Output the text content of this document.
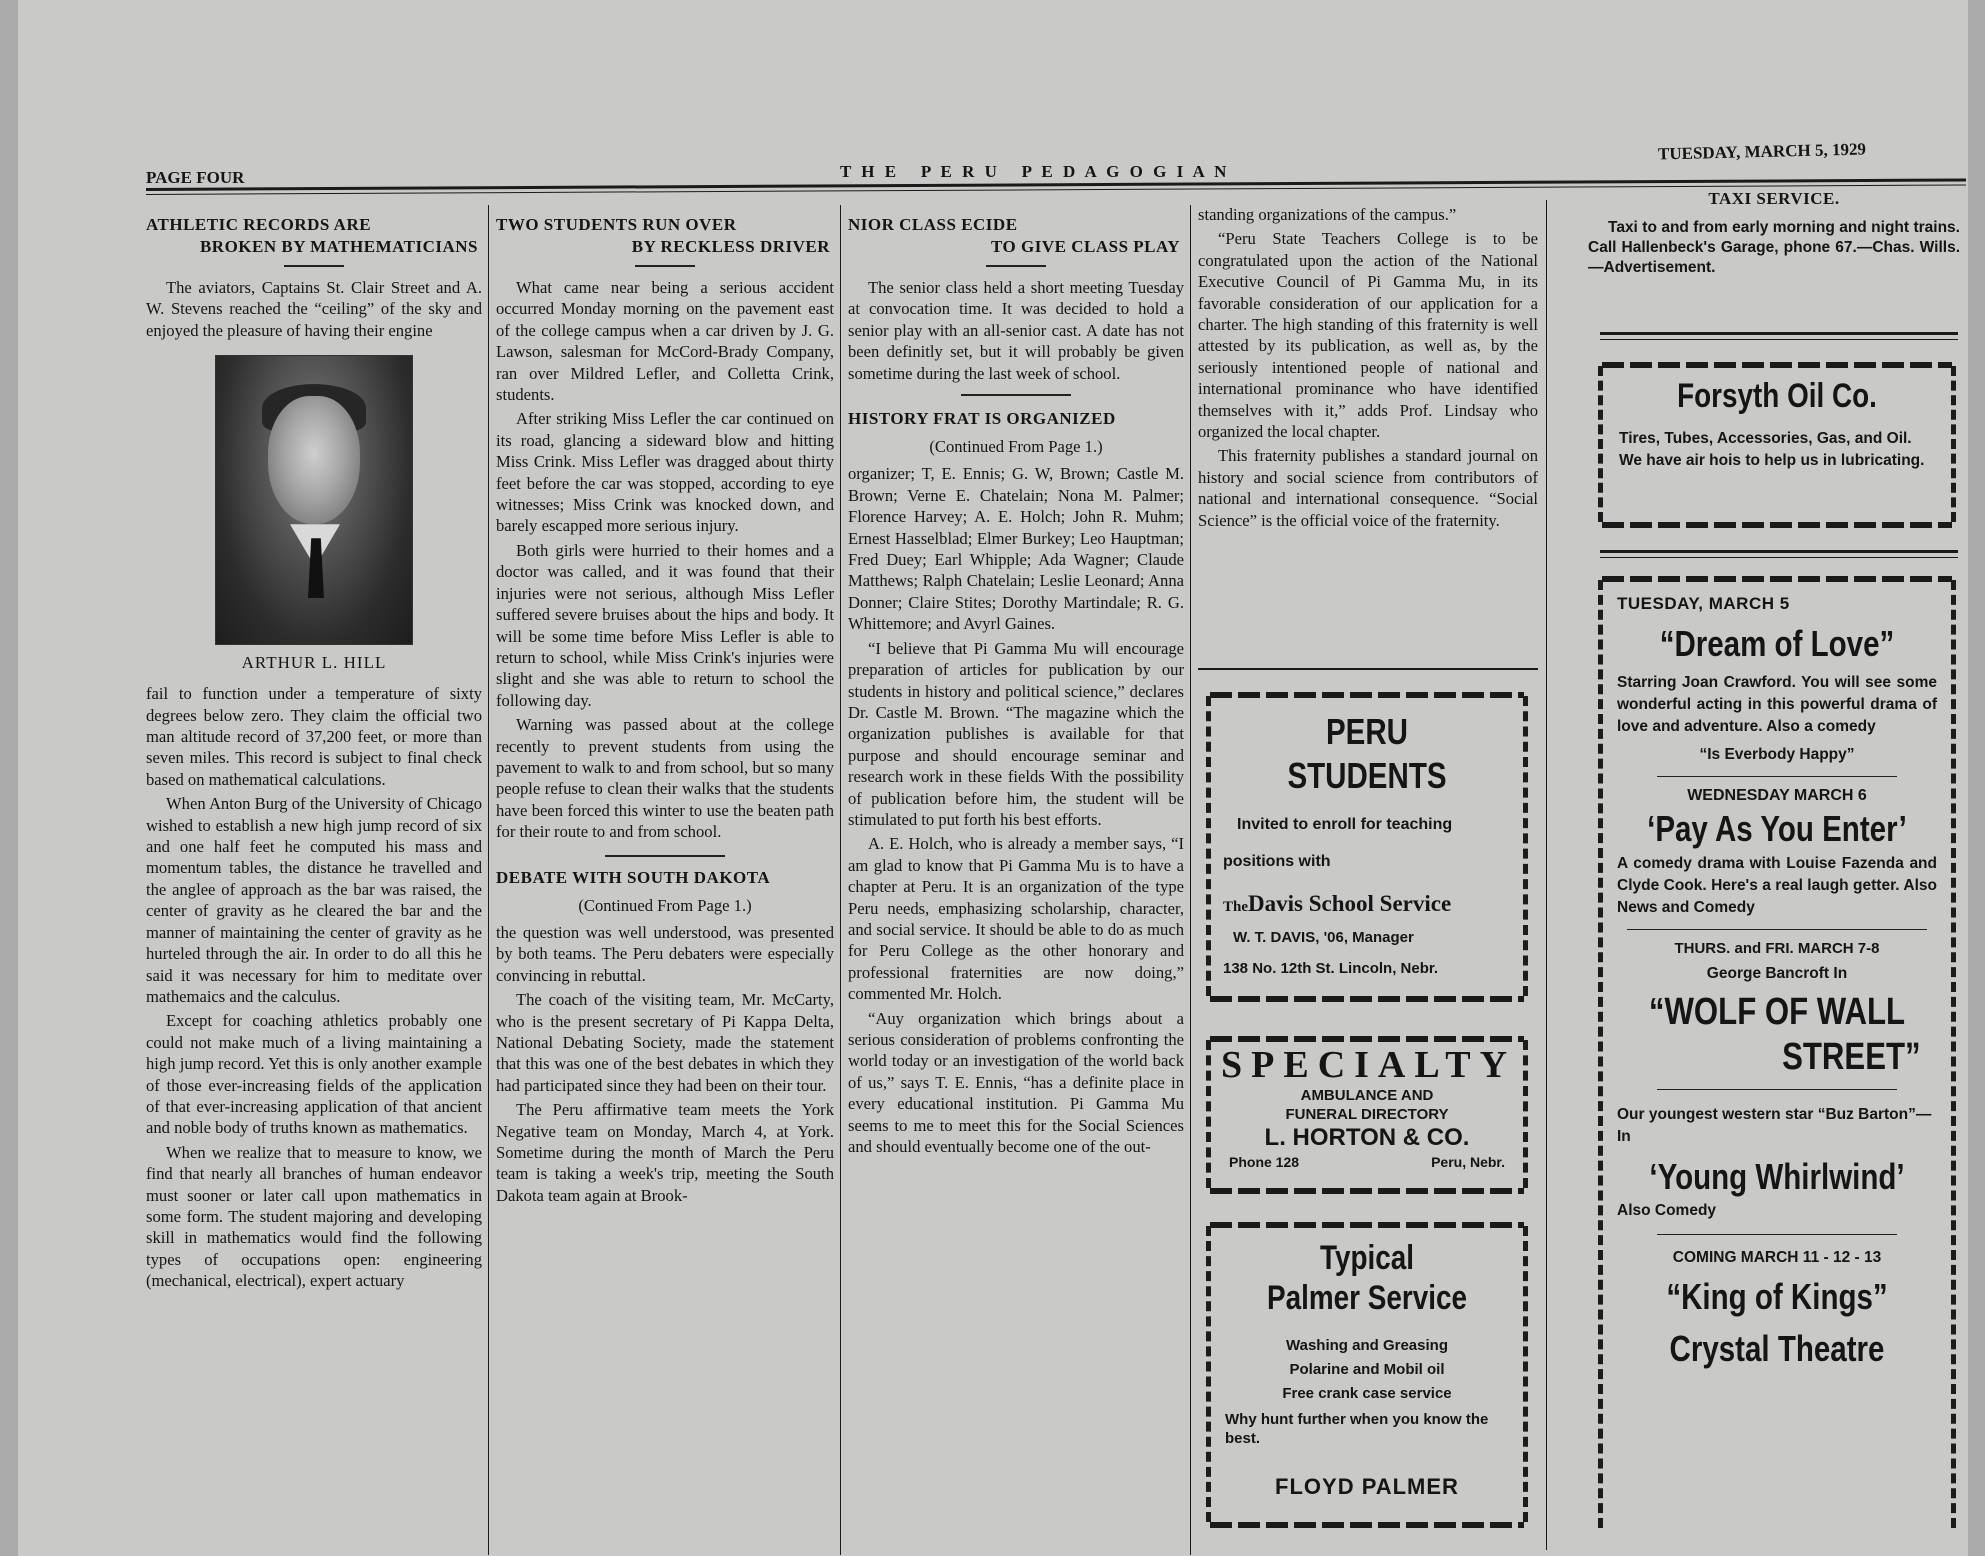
PAGE FOUR	T H E   P E R U   P E D A G O G I A N
TUESDAY, MARCH 5, 1929
ATHLETIC RECORDS ARE
BROKEN BY MATHEMATICIANS

The aviators, Captains St. Clair Street and A. W. Stevens reached the “ceiling” of the sky and enjoyed the pleasure of having their engine

ARTHUR L. HILL

fail to function under a temperature of sixty degrees below zero. They claim the official two man altitude record of 37,200 feet, or more than seven miles. This record is subject to final check based on mathematical calculations.

When Anton Burg of the University of Chicago wished to establish a new high jump record of six and one half feet he computed his mass and momentum tables, the distance he travelled and the anglee of approach as the bar was raised, the center of gravity as he cleared the bar and the manner of maintaining the center of gravity as he hurteled through the air. In order to do all this he said it was necessary for him to meditate over mathemaics and the calculus.

Except for coaching athletics probably one could not make much of a living maintaining a high jump record. Yet this is only another example of those ever-increasing fields of the application of that ever-increasing application of that ancient and noble body of truths known as mathematics.

When we realize that to measure to know, we find that nearly all branches of human endeavor must sooner or later call upon mathematics in some form. The student majoring and developing skill in mathematics would find the following types of occupations open: engineering (mechanical, electrical), expert actuary

TWO STUDENTS RUN OVER
BY RECKLESS DRIVER

What came near being a serious accident occurred Monday morning on the pavement east of the college campus when a car driven by J. G. Lawson, salesman for McCord-Brady Company, ran over Mildred Lefler, and Colletta Crink, students.

After striking Miss Lefler the car continued on its road, glancing a sideward blow and hitting Miss Crink. Miss Lefler was dragged about thirty feet before the car was stopped, according to eye witnesses; Miss Crink was knocked down, and barely escapped more serious injury.

Both girls were hurried to their homes and a doctor was called, and it was found that their injuries were not serious, although Miss Lefler suffered severe bruises about the hips and body. It will be some time before Miss Lefler is able to return to school, while Miss Crink's injuries were slight and she was able to return to school the following day.

Warning was passed about at the college recently to prevent students from using the pavement to walk to and from school, but so many people refuse to clean their walks that the students have been forced this winter to use the beaten path for their route to and from school.

DEBATE WITH SOUTH DAKOTA
(Continued From Page 1.)

the question was well understood, was presented by both teams. The Peru debaters were especially convincing in rebuttal.

The coach of the visiting team, Mr. McCarty, who is the present secretary of Pi Kappa Delta, National Debating Society, made the statement that this was one of the best debates in which they had participated since they had been on their tour.

The Peru affirmative team meets the York Negative team on Monday, March 4, at York. Sometime during the month of March the Peru team is taking a week's trip, meeting the South Dakota team again at Brook-

NIOR CLASS ECIDE
TO GIVE CLASS PLAY

The senior class held a short meeting Tuesday at convocation time. It was decided to hold a senior play with an all-senior cast. A date has not been definitly set, but it will probably be given sometime during the last week of school.

HISTORY FRAT IS ORGANIZED
(Continued From Page 1.)

organizer; T, E. Ennis; G. W, Brown; Castle M. Brown; Verne E. Chatelain; Nona M. Palmer; Florence Harvey; A. E. Holch; John R. Muhm; Ernest Hasselblad; Elmer Burkey; Leo Hauptman; Fred Duey; Earl Whipple; Ada Wagner; Claude Matthews; Ralph Chatelain; Leslie Leonard; Anna Donner; Claire Stites; Dorothy Martindale; R. G. Whittemore; and Avyrl Gaines.

“I believe that Pi Gamma Mu will encourage preparation of articles for publication by our students in history and political science,” declares Dr. Castle M. Brown. “The magazine which the organization publishes is available for that purpose and should encourage seminar and research work in these fields With the possibility of publication before him, the student will be stimulated to put forth his best efforts.

A. E. Holch, who is already a member says, “I am glad to know that Pi Gamma Mu is to have a chapter at Peru. It is an organization of the type Peru needs, emphasizing scholarship, character, and social service. It should be able to do as much for Peru College as the other honorary and professional fraternities are now doing,” commented Mr. Holch.

“Auy organization which brings about a serious consideration of problems confronting the world today or an investigation of the world back of us,” says T. E. Ennis, “has a definite place in every educational institution. Pi Gamma Mu seems to me to meet this for the Social Sciences and should eventually become one of the out-

standing organizations of the campus.”

“Peru State Teachers College is to be congratulated upon the action of the National Executive Council of Pi Gamma Mu, in its favorable consideration of our application for a charter. The high standing of this fraternity is well attested by its publication, as well as, by the seriously intentioned people of national and international prominance who have identified themselves with it,” adds Prof. Lindsay who organized the local chapter.

This fraternity publishes a standard journal on history and social science from contributors of national and international consequence. “Social Science” is the official voice of the fraternity.

PERU STUDENTS
Invited to enroll for teaching
positions with
TheDavis School Service
W. T. DAVIS, '06, Manager
138 No. 12th St. Lincoln, Nebr.
SPECIALTY
AMBULANCE AND
FUNERAL DIRECTORY
L. HORTON & CO.
Phone 128	Peru, Nebr.
Typical
Palmer Service
Washing and Greasing
Polarine and Mobil oil
Free crank case service
Why hunt further when you know the best.
FLOYD PALMER
TAXI SERVICE.
Taxi to and from early morning and night trains. Call Hallenbeck's Garage, phone 67.—Chas. Wills.—Advertisement.
Forsyth Oil Co.
Tires, Tubes, Accessories, Gas, and Oil. We have air hois to help us in lubricating.
TUESDAY, MARCH 5
“Dream of Love”
Starring Joan Crawford. You will see some wonderful acting in this powerful drama of love and adventure. Also a comedy
“Is Everbody Happy”
WEDNESDAY MARCH 6
‘Pay As You Enter’
A comedy drama with Louise Fazenda and Clyde Cook. Here's a real laugh getter. Also News and Comedy
THURS. and FRI. MARCH 7-8
George Bancroft In
“WOLF OF WALL
STREET”
Our youngest western star “Buz Barton”— In
‘Young Whirlwind’
Also Comedy
COMING MARCH 11 - 12 - 13
“King of Kings”
Crystal Theatre
